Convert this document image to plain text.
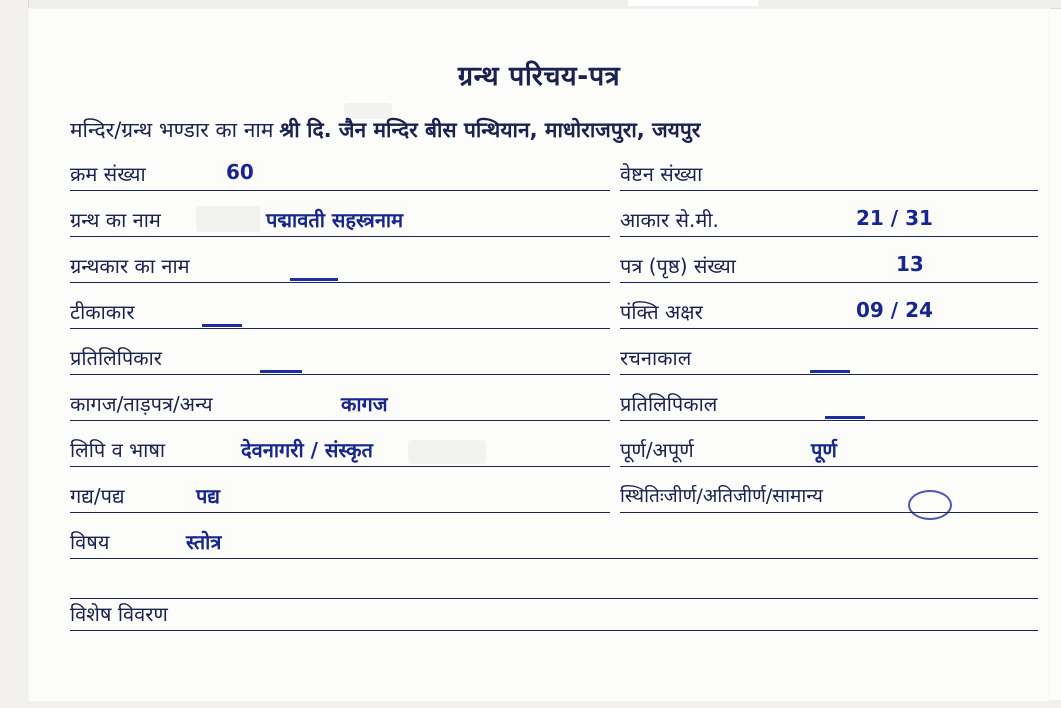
ग्रन्थ परिचय-पत्र
मन्दिर/ग्रन्थ भण्डार का नाम श्री दि. जैन मन्दिर बीस पन्थियान, माधोराजपुरा, जयपुर
क्रम संख्या	60
ग्रन्थ का नाम	पद्मावती सहस्त्रनाम
ग्रन्थकार का नाम
टीकाकार
प्रतिलिपिकार
कागज/ताड़पत्र/अन्य	कागज
लिपि व भाषा	देवनागरी / संस्कृत
गद्य/पद्य	पद्य
विषय	स्तोत्र
वेष्टन संख्या
आकार से.मी.	21 / 31
पत्र (पृष्ठ) संख्या	13
पंक्ति अक्षर	09 / 24
रचनाकाल
प्रतिलिपिकाल
पूर्ण/अपूर्ण	पूर्ण
स्थितिःजीर्ण/अतिजीर्ण/सामान्य
विशेष विवरण
